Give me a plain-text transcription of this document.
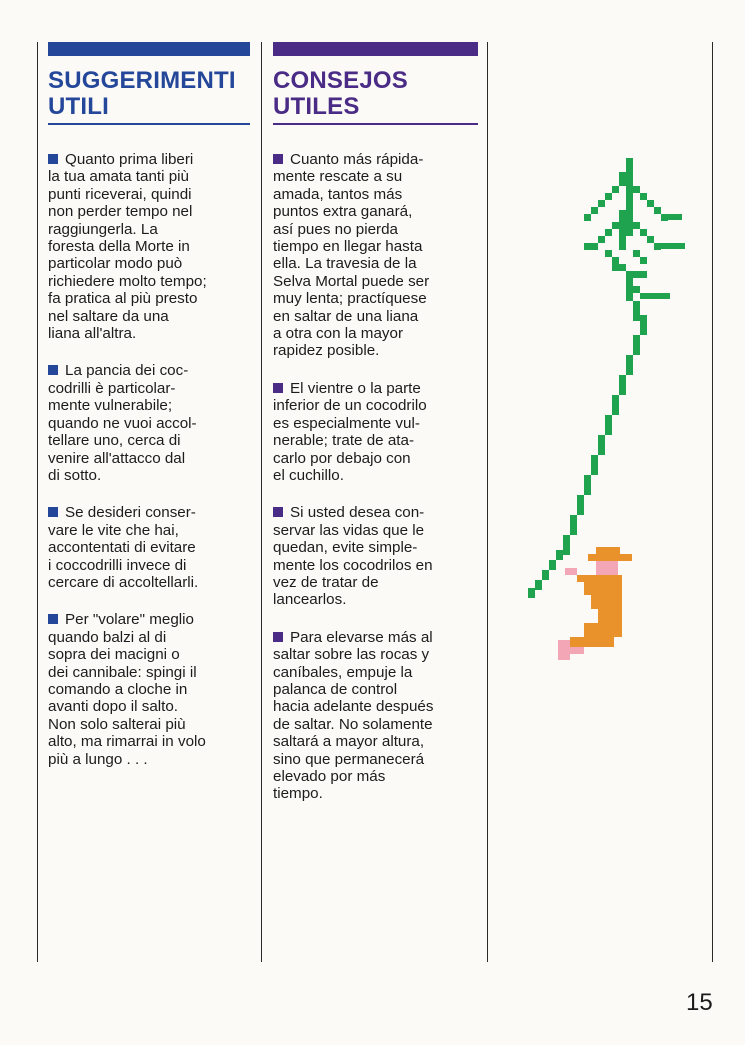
SUGGERIMENTI
UTILI

Quanto prima liberi
la tua amata tanti più
punti riceverai, quindi
non perder tempo nel
raggiungerla. La
foresta della Morte in
particolar modo può
richiedere molto tempo;
fa pratica al più presto
nel saltare da una
liana all'altra.

La pancia dei coc-
codrilli è particolar-
mente vulnerabile;
quando ne vuoi accol-
tellare uno, cerca di
venire all'attacco dal
di sotto.

Se desideri conser-
vare le vite che hai,
accontentati di evitare
i coccodrilli invece di
cercare di accoltellarli.

Per "volare" meglio
quando balzi al di
sopra dei macigni o
dei cannibale: spingi il
comando a cloche in
avanti dopo il salto.
Non solo salterai più
alto, ma rimarrai in volo
più a lungo . . .

CONSEJOS
UTILES

Cuanto más rápida-
mente rescate a su
amada, tantos más
puntos extra ganará,
así pues no pierda
tiempo en llegar hasta
ella. La travesia de la
Selva Mortal puede ser
muy lenta; practíquese
en saltar de una liana
a otra con la mayor
rapidez posible.

El vientre o la parte
inferior de un cocodrilo
es especialmente vul-
nerable; trate de ata-
carlo por debajo con
el cuchillo.

Si usted desea con-
servar las vidas que le
quedan, evite simple-
mente los cocodrilos en
vez de tratar de
lancearlos.

Para elevarse más al
saltar sobre las rocas y
caníbales, empuje la
palanca de control
hacia adelante después
de saltar. No solamente
saltará a mayor altura,
sino que permanecerá
elevado por más
tiempo.

15
